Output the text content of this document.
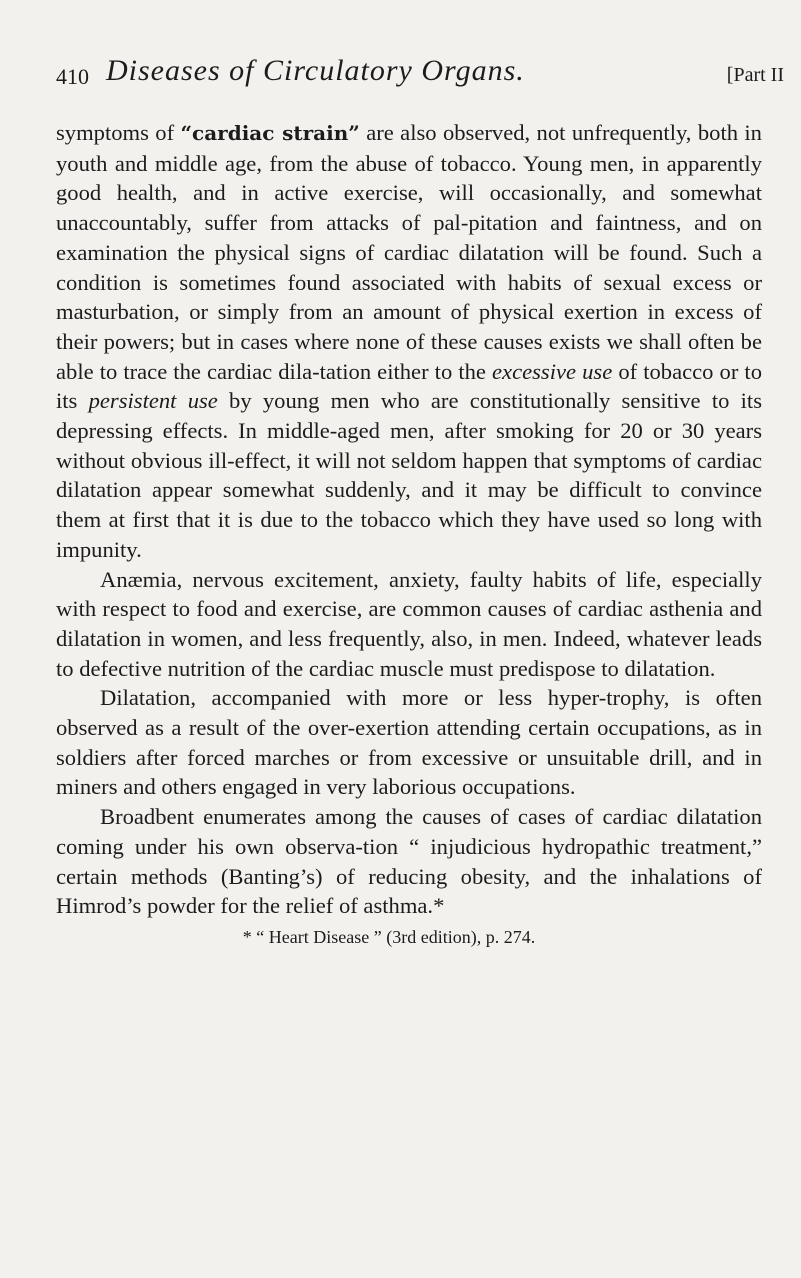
410 Diseases of Circulatory Organs.	[Part II

symptoms of “cardiac strain” are also observed, not unfrequently, both in youth and middle age, from the abuse of tobacco. Young men, in apparently good health, and in active exercise, will occasionally, and somewhat unaccountably, suffer from attacks of pal-pitation and faintness, and on examination the physical signs of cardiac dilatation will be found. Such a condition is sometimes found associated with habits of sexual excess or masturbation, or simply from an amount of physical exertion in excess of their powers; but in cases where none of these causes exists we shall often be able to trace the cardiac dila-tation either to the excessive use of tobacco or to its persistent use by young men who are constitutionally sensitive to its depressing effects. In middle-aged men, after smoking for 20 or 30 years without obvious ill-effect, it will not seldom happen that symptoms of cardiac dilatation appear somewhat suddenly, and it may be difficult to convince them at first that it is due to the tobacco which they have used so long with impunity.

Anæmia, nervous excitement, anxiety, faulty habits of life, especially with respect to food and exercise, are common causes of cardiac asthenia and dilatation in women, and less frequently, also, in men. Indeed, whatever leads to defective nutrition of the cardiac muscle must predispose to dilatation.

Dilatation, accompanied with more or less hyper-trophy, is often observed as a result of the over-exertion attending certain occupations, as in soldiers after forced marches or from excessive or unsuitable drill, and in miners and others engaged in very laborious occupations.

Broadbent enumerates among the causes of cases of cardiac dilatation coming under his own observa-tion “ injudicious hydropathic treatment,” certain methods (Banting’s) of reducing obesity, and the inhalations of Himrod’s powder for the relief of asthma.*

* “ Heart Disease ” (3rd edition), p. 274.
